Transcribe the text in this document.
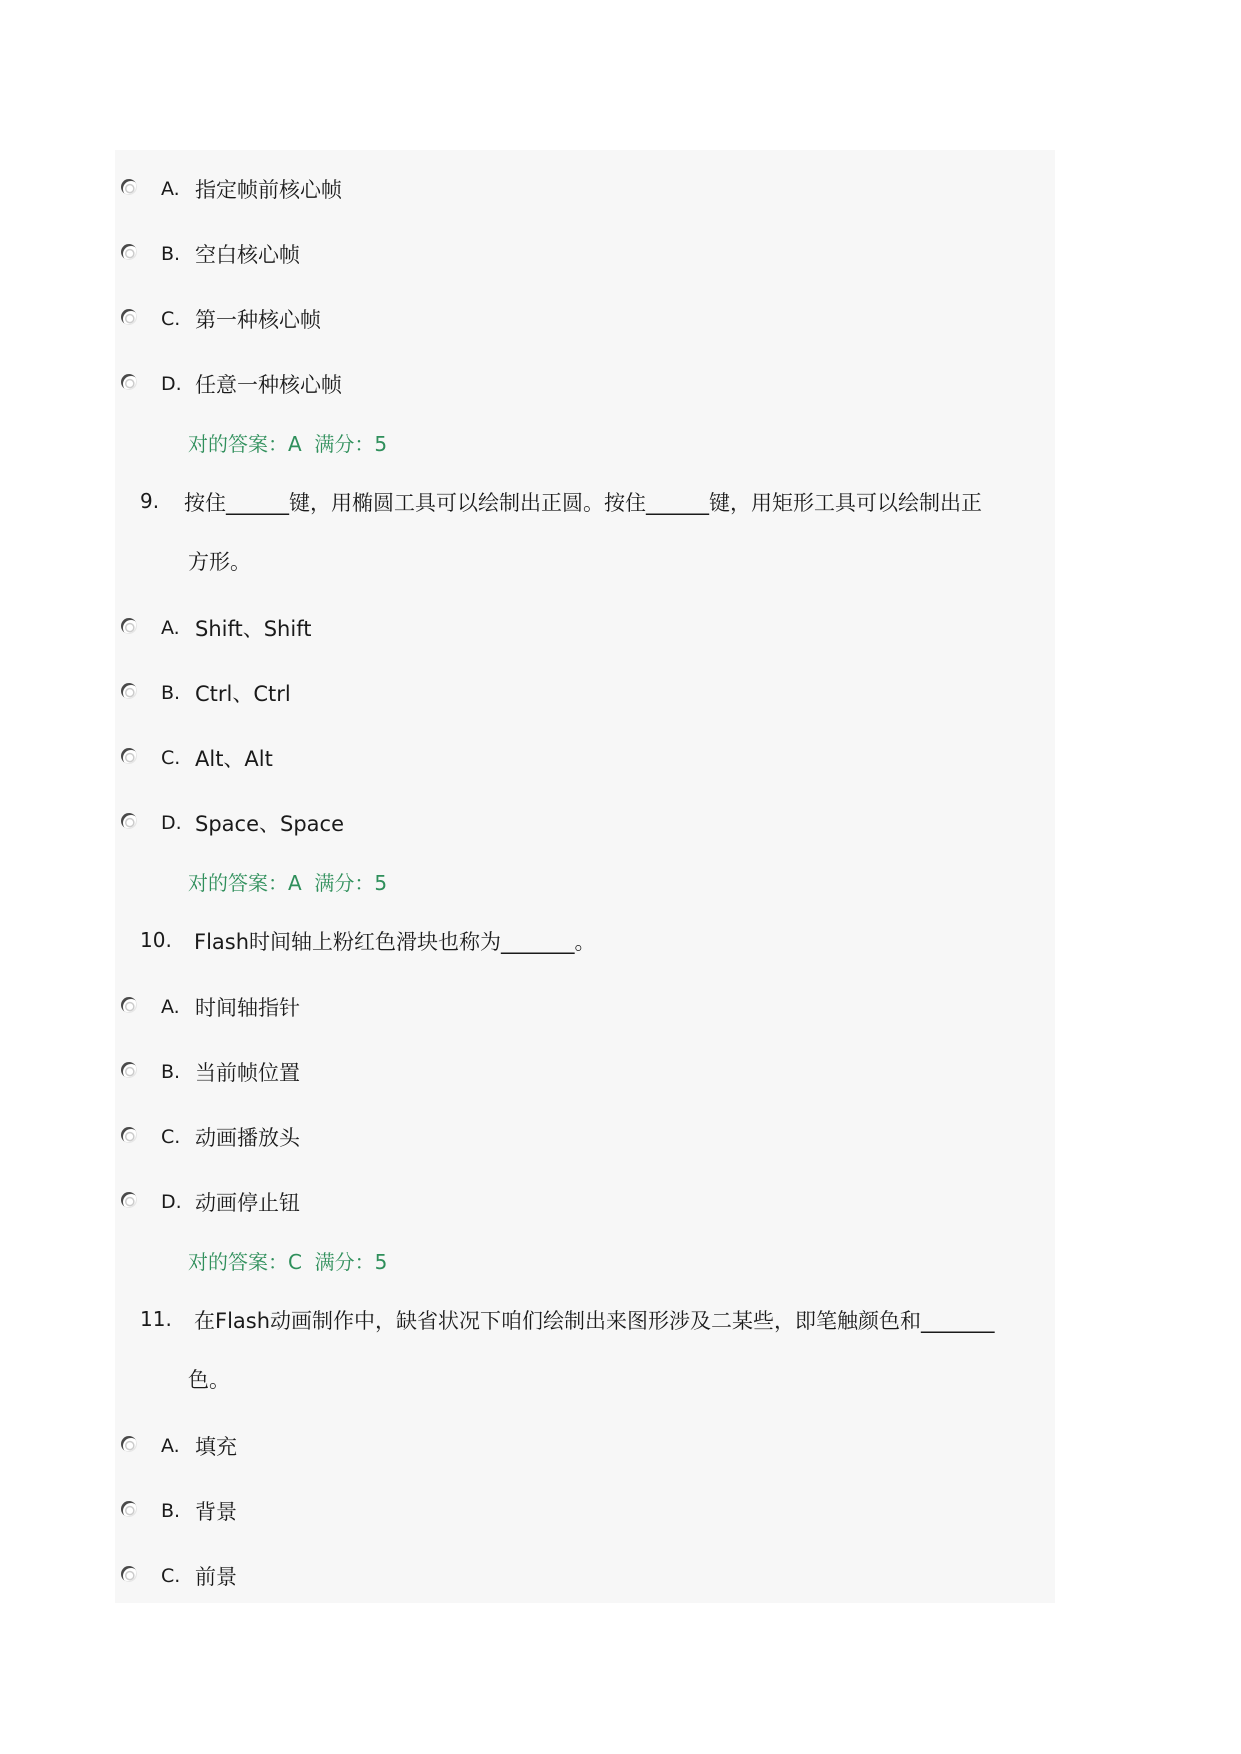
A. 指定帧前核心帧
B. 空白核心帧
C. 第一种核心帧
D. 任意一种核心帧
对的答案：A  满分：5
9. 按住______键，用椭圆工具可以绘制出正圆。按住______键，用矩形工具可以绘制出正
方形。
A. Shift、Shift
B. Ctrl、Ctrl
C. Alt、Alt
D. Space、Space
对的答案：A  满分：5
10. Flash时间轴上粉红色滑块也称为_______。
A. 时间轴指针
B. 当前帧位置
C. 动画播放头
D. 动画停止钮
对的答案：C  满分：5
11. 在Flash动画制作中，缺省状况下咱们绘制出来图形涉及二某些，即笔触颜色和_______
色。
A. 填充
B. 背景
C. 前景
